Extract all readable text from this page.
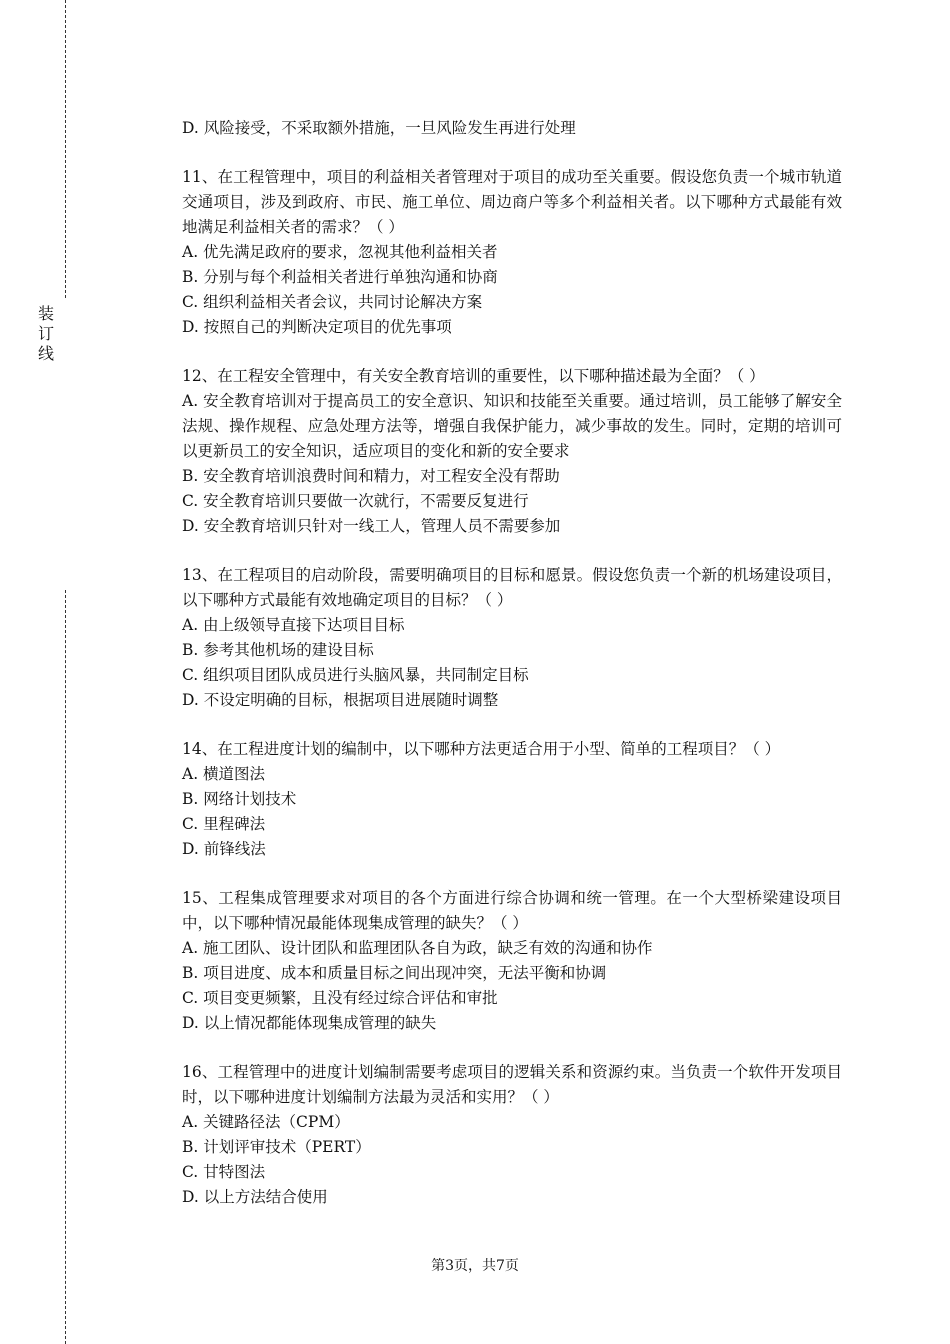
装
订
线
D. 风险接受，不采取额外措施，一旦风险发生再进行处理
11、在工程管理中，项目的利益相关者管理对于项目的成功至关重要。假设您负责一个城市轨道交通项目，涉及到政府、市民、施工单位、周边商户等多个利益相关者。以下哪种方式最能有效地满足利益相关者的需求？（ ）
A. 优先满足政府的要求，忽视其他利益相关者
B. 分别与每个利益相关者进行单独沟通和协商
C. 组织利益相关者会议，共同讨论解决方案
D. 按照自己的判断决定项目的优先事项
12、在工程安全管理中，有关安全教育培训的重要性，以下哪种描述最为全面？（ ）
A. 安全教育培训对于提高员工的安全意识、知识和技能至关重要。通过培训，员工能够了解安全法规、操作规程、应急处理方法等，增强自我保护能力，减少事故的发生。同时，定期的培训可以更新员工的安全知识，适应项目的变化和新的安全要求
B. 安全教育培训浪费时间和精力，对工程安全没有帮助
C. 安全教育培训只要做一次就行，不需要反复进行
D. 安全教育培训只针对一线工人，管理人员不需要参加
13、在工程项目的启动阶段，需要明确项目的目标和愿景。假设您负责一个新的机场建设项目，以下哪种方式最能有效地确定项目的目标？（ ）
A. 由上级领导直接下达项目目标
B. 参考其他机场的建设目标
C. 组织项目团队成员进行头脑风暴，共同制定目标
D. 不设定明确的目标，根据项目进展随时调整
14、在工程进度计划的编制中，以下哪种方法更适合用于小型、简单的工程项目？（ ）
A. 横道图法
B. 网络计划技术
C. 里程碑法
D. 前锋线法
15、工程集成管理要求对项目的各个方面进行综合协调和统一管理。在一个大型桥梁建设项目中，以下哪种情况最能体现集成管理的缺失？（ ）
A. 施工团队、设计团队和监理团队各自为政，缺乏有效的沟通和协作
B. 项目进度、成本和质量目标之间出现冲突，无法平衡和协调
C. 项目变更频繁，且没有经过综合评估和审批
D. 以上情况都能体现集成管理的缺失
16、工程管理中的进度计划编制需要考虑项目的逻辑关系和资源约束。当负责一个软件开发项目时，以下哪种进度计划编制方法最为灵活和实用？（ ）
A. 关键路径法（CPM）
B. 计划评审技术（PERT）
C. 甘特图法
D. 以上方法结合使用
第3页，共7页
